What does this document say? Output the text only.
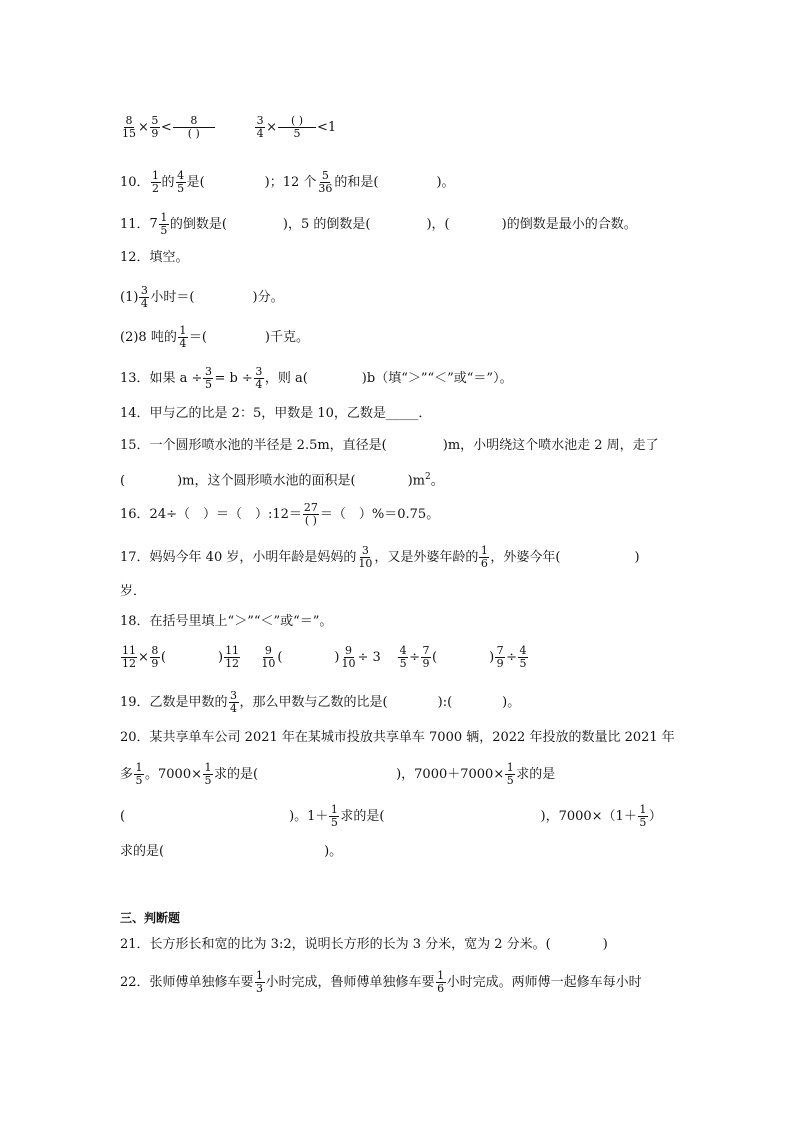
$\frac{8}{15} \times \frac{5}{9}$ <	8
( )
	$\frac{3}{4}$ ×	( )
5 <1
10． $\frac{1}{2}$ 的 $\frac{4}{5}$ 是(	)；12 个 $\frac{5}{36}$ 的和是(	)。
11．$7 \frac{1}{5}$ 的倒数是(	)，5 的倒数是(	)，(	)的倒数是最小的合数。
12．填空。
$(1) \frac{3}{4}$ 小时＝(	)分。
(2)8 吨的 $\frac{1}{4}$ ＝(	)千克。
13．如果 $a \div \frac{3}{5} = b \div \frac{3}{4}$ ，则 a(	)b（填“＞”“＜”或“＝”）。
14．甲与乙的比是 2：5，甲数是 10，乙数是_____．
15．一个圆形喷水池的半径是 2.5m，直径是(	)m，小明绕这个喷水池走 2 周，走了
(	)m，这个圆形喷水池的面积是(	)$m^2$。
16．24÷（　）＝（　）:12＝ 27
( ) ＝（　）%＝0.75。
17．妈妈今年 40 岁，小明年龄是妈妈的 $\frac{3}{10}$ ，又是外婆年龄的 $\frac{1}{6}$ ，外婆今年(	)
岁．
18．在括号里填上“＞”“＜”或“＝”。
$\frac{11}{12} \times \frac{8}{9}$ (	) $\frac{11}{12}$
$\frac{9}{10}$ (	) $\frac{9}{10} \div 3 \frac{4}{5} \div \frac{7}{9}$ (	) $\frac{7}{9} \div \frac{4}{5}$
19．乙数是甲数的 $\frac{3}{4}$ ，那么甲数与乙数的比是(	):(	)。
20．某共享单车公司 2021 年在某城市投放共享单车 7000 辆，2022 年投放的数量比 2021 年
多 $\frac{1}{5}$ 。$7000\times \frac{1}{5}$ 求的是(	)，$7000+7000\times \frac{1}{5}$ 求的是
(	)。$1+ \frac{1}{5}$ 求的是(	)，$7000\times(1+ \frac{1}{5}$ ）
求的是(	)。
三、判断题
21．长方形长和宽的比为 3:2，说明长方形的长为 3 分米，宽为 2 分米。(	)
22．张师傅单独修车要 $\frac{1}{3}$ 小时完成，鲁师傅单独修车要 $\frac{1}{6}$ 小时完成。两师傅一起修车每小时
